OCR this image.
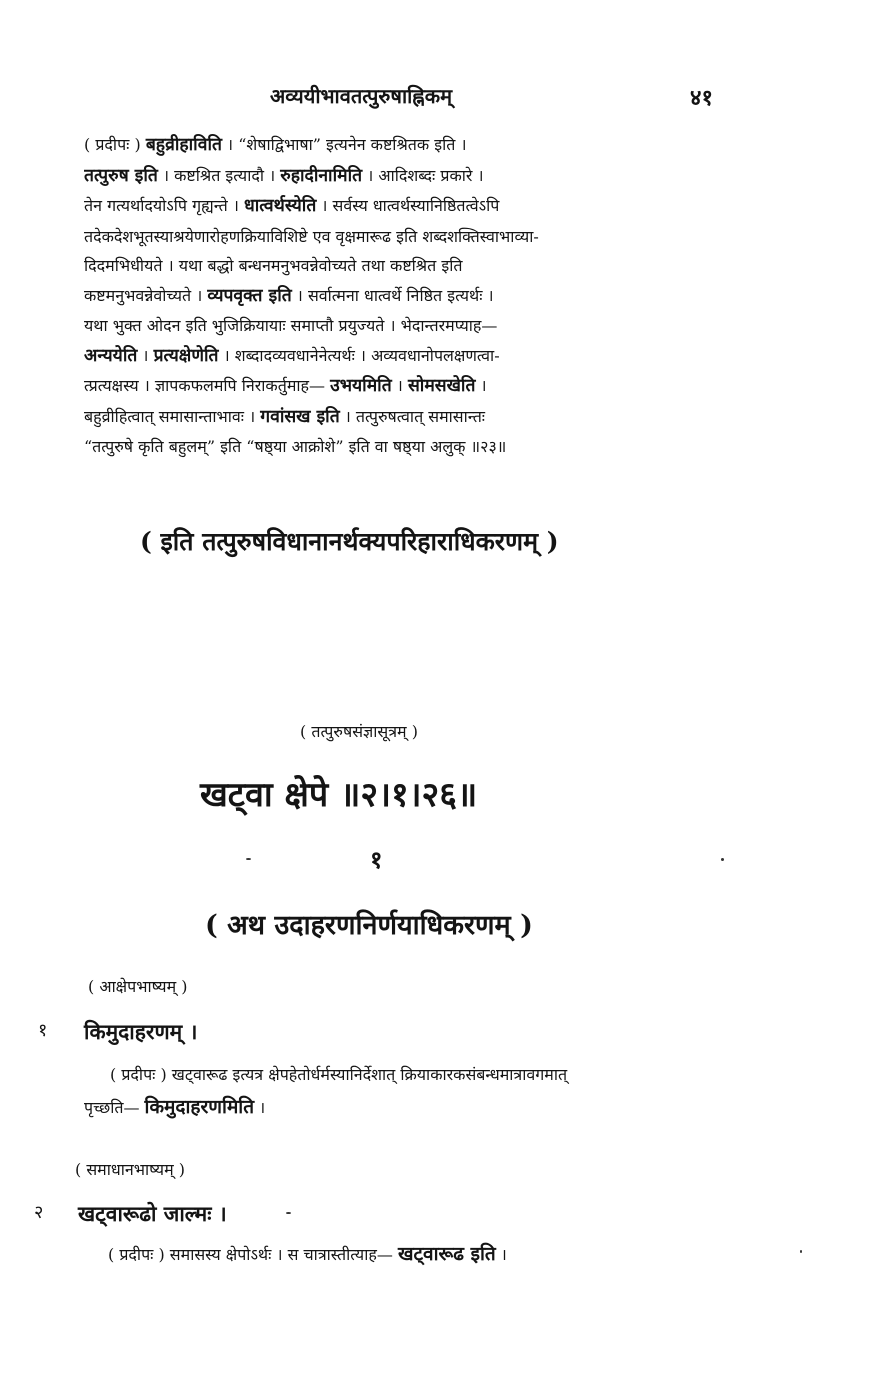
अव्ययीभावतत्पुरुषाह्निकम्	४१
( प्रदीपः ) बहुव्रीहाविति । “शेषाद्विभाषा” इत्यनेन कष्टश्रितक इति ।
तत्पुरुष इति । कष्टश्रित इत्यादौ । रुहादीनामिति । आदिशब्दः प्रकारे ।
तेन गत्यर्थादयोऽपि गृह्यन्ते । धात्वर्थस्येति । सर्वस्य धात्वर्थस्यानिष्ठितत्वेऽपि
तदेकदेशभूतस्याश्रयेणारोहणक्रियाविशिष्टे एव वृक्षमारूढ इति शब्दशक्तिस्वाभाव्या-
दिदमभिधीयते । यथा बद्धो बन्धनमनुभवन्नेवोच्यते तथा कष्टश्रित इति
कष्टमनुभवन्नेवोच्यते । व्यपवृक्त इति । सर्वात्मना धात्वर्थे निष्ठित इत्यर्थः ।
यथा भुक्त ओदन इति भुजिक्रियायाः समाप्तौ प्रयुज्यते । भेदान्तरमप्याह—
अन्ययेति । प्रत्यक्षेणेति । शब्दादव्यवधानेनेत्यर्थः । अव्यवधानोपलक्षणत्वा-
त्प्रत्यक्षस्य । ज्ञापकफलमपि निराकर्तुमाह— उभयमिति । सोमसखेति ।
बहुव्रीहित्वात् समासान्ताभावः । गवांसख इति । तत्पुरुषत्वात् समासान्तः
“तत्पुरुषे कृति बहुलम्” इति “षष्ठ्या आक्रोशे” इति वा षष्ठ्या अलुक् ॥२३॥
( इति तत्पुरुषविधानानर्थक्यपरिहाराधिकरणम् )
( तत्पुरुषसंज्ञासूत्रम् )
खट्वा क्षेपे ॥२।१।२६॥
१
( अथ उदाहरणनिर्णयाधिकरणम् )
( आक्षेपभाष्यम् )
१ किमुदाहरणम् ।
( प्रदीपः ) खट्वारूढ इत्यत्र क्षेपहेतोर्धर्मस्यानिर्देशात् क्रियाकारकसंबन्धमात्रावगमात्
पृच्छति— किमुदाहरणमिति ।
( समाधानभाष्यम् )
२ खट्वारूढो जाल्मः ।
( प्रदीपः ) समासस्य क्षेपोऽर्थः । स चात्रास्तीत्याह— खट्वारूढ इति ।
